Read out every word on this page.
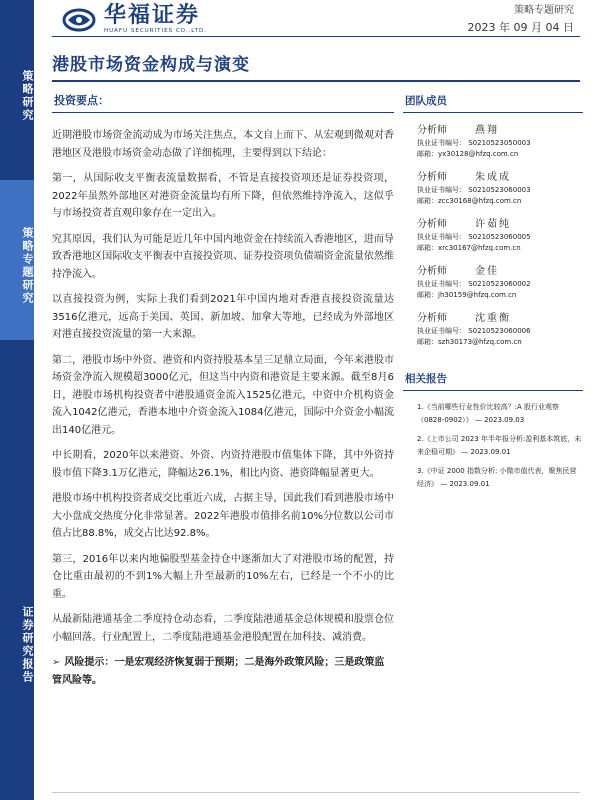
策略研究
策略专题研究
证券研究报告
华福证券
HUAFU SECURITIES CO.,LTD.
策略专题研究
2023 年 09 月 04 日
港股市场资金构成与演变
投资要点：

近期港股市场资金流动成为市场关注焦点，本文自上而下、从宏观到微观对香港地区及港股市场资金动态做了详细梳理，主要得到以下结论：

第一，从国际收支平衡表流量数据看，不管是直接投资项还是证券投资项，2022年虽然外部地区对港资金流量均有所下降，但依然维持净流入，这似乎与市场投资者直观印象存在一定出入。

究其原因，我们认为可能是近几年中国内地资金在持续流入香港地区，进而导致香港地区国际收支平衡表中直接投资项、证券投资项负债端资金流量依然维持净流入。

以直接投资为例，实际上我们看到2021年中国内地对香港直接投资流量达3516亿港元，远高于美国、英国、新加坡、加拿大等地，已经成为外部地区对港直接投资流量的第一大来源。

第二，港股市场中外资、港资和内资持股基本呈三足鼎立局面，今年来港股市场资金净流入规模超3000亿元，但这当中内资和港资是主要来源。截至8月6日，港股市场机构投资者中港股通资金流入1525亿港元，中资中介机构资金流入1042亿港元，香港本地中介资金流入1084亿港元，国际中介资金小幅流出140亿港元。

中长期看，2020年以来港资、外资、内资持港股市值集体下降，其中外资持股市值下降3.1万亿港元，降幅达26.1%，相比内资、港资降幅显著更大。

港股市场中机构投资者成交比重近六成，占据主导，国此我们看到港股市场中大小盘成交热度分化非常显著。2022年港股市值排名前10%分位数以公司市值占比88.8%，成交占比达92.8%。

第三，2016年以来内地偏股型基金持仓中逐渐加大了对港股市场的配置，持仓比重由最初的不到1%大幅上升至最新的10%左右，已经是一个不小的比重。

从最新陆港通基金二季度持仓动态看，二季度陆港通基金总体规模和股票仓位小幅回落。行业配置上，二季度陆港通基金港股配置在加科技、减消费。

➢ 风险提示：一是宏观经济恢复弱于预期；二是海外政策风险；三是政策监管风险等。
团队成员
分析师	燕翔
执业证书编号： S0210523050003
邮箱：yx30128@hfzq.com.cn
分析师	朱成成
执业证书编号： S0210523060003
邮箱：zcc30168@hfzq.com.cn
分析师	许茹纯
执业证书编号： S0210523060005
邮箱：xrc30167@hfzq.com.cn
分析师	金佳
执业证书编号： S0210523060002
邮箱：jh30159@hfzq.com.cn
分析师	沈重衡
执业证书编号： S0210523060006
邮箱：szh30173@hfzq.com.cn
相关报告
1.《当前哪些行业性价比较高？:A 股行业观察（0828-0902）》 — 2023.09.03
2.《上市公司 2023 年半年报分析:盈利基本筑底，未来企稳可期》 — 2023.09.01
3.《中证 2000 指数分析: 小微市值代表，聚焦民营经济》 — 2023.09.01
